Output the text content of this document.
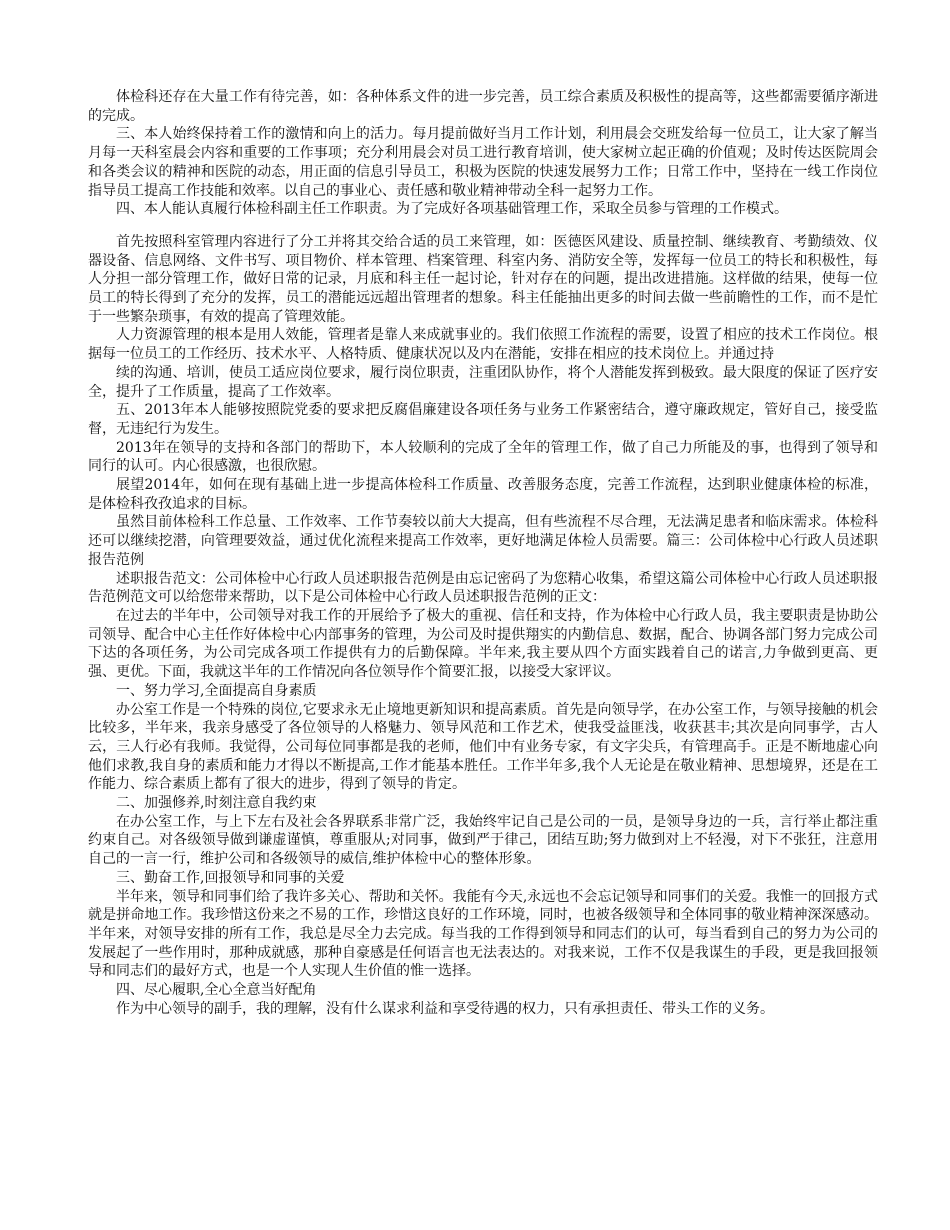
体检科还存在大量工作有待完善，如：各种体系文件的进一步完善，员工综合素质及积极性的提高等，这些都需要循序渐进的完成。

三、本人始终保持着工作的激情和向上的活力。每月提前做好当月工作计划，利用晨会交班发给每一位员工，让大家了解当月每一天科室晨会内容和重要的工作事项；充分利用晨会对员工进行教育培训，使大家树立起正确的价值观；及时传达医院周会和各类会议的精神和医院的动态，用正面的信息引导员工，积极为医院的快速发展努力工作；日常工作中，坚持在一线工作岗位指导员工提高工作技能和效率。以自己的事业心、责任感和敬业精神带动全科一起努力工作。

四、本人能认真履行体检科副主任工作职责。为了完成好各项基础管理工作，采取全员参与管理的工作模式。

首先按照科室管理内容进行了分工并将其交给合适的员工来管理，如：医德医风建设、质量控制、继续教育、考勤绩效、仪器设备、信息网络、文件书写、项目物价、样本管理、档案管理、科室内务、消防安全等，发挥每一位员工的特长和积极性，每人分担一部分管理工作，做好日常的记录，月底和科主任一起讨论，针对存在的问题，提出改进措施。这样做的结果，使每一位员工的特长得到了充分的发挥，员工的潜能远远超出管理者的想象。科主任能抽出更多的时间去做一些前瞻性的工作，而不是忙于一些繁杂琐事，有效的提高了管理效能。

人力资源管理的根本是用人效能，管理者是靠人来成就事业的。我们依照工作流程的需要，设置了相应的技术工作岗位。根据每一位员工的工作经历、技术水平、人格特质、健康状况以及内在潜能，安排在相应的技术岗位上。并通过持

续的沟通、培训，使员工适应岗位要求，履行岗位职责，注重团队协作，将个人潜能发挥到极致。最大限度的保证了医疗安全，提升了工作质量，提高了工作效率。

五、2013年本人能够按照院党委的要求把反腐倡廉建设各项任务与业务工作紧密结合，遵守廉政规定，管好自己，接受监督，无违纪行为发生。

2013年在领导的支持和各部门的帮助下，本人较顺利的完成了全年的管理工作，做了自己力所能及的事，也得到了领导和同行的认可。内心很感激，也很欣慰。

展望2014年，如何在现有基础上进一步提高体检科工作质量、改善服务态度，完善工作流程，达到职业健康体检的标准，是体检科孜孜追求的目标。

虽然目前体检科工作总量、工作效率、工作节奏较以前大大提高，但有些流程不尽合理，无法满足患者和临床需求。体检科还可以继续挖潜，向管理要效益，通过优化流程来提高工作效率，更好地满足体检人员需要。篇三：公司体检中心行政人员述职报告范例

述职报告范文：公司体检中心行政人员述职报告范例是由忘记密码了为您精心收集，希望这篇公司体检中心行政人员述职报告范例范文可以给您带来帮助，以下是公司体检中心行政人员述职报告范例的正文：

在过去的半年中，公司领导对我工作的开展给予了极大的重视、信任和支持，作为体检中心行政人员，我主要职责是协助公司领导、配合中心主任作好体检中心内部事务的管理，为公司及时提供翔实的内勤信息、数据，配合、协调各部门努力完成公司下达的各项任务，为公司完成各项工作提供有力的后勤保障。半年来,我主要从四个方面实践着自己的诺言,力争做到更高、更强、更优。下面，我就这半年的工作情况向各位领导作个简要汇报，以接受大家评议。

一、努力学习,全面提高自身素质

办公室工作是一个特殊的岗位,它要求永无止境地更新知识和提高素质。首先是向领导学，在办公室工作，与领导接触的机会比较多，半年来，我亲身感受了各位领导的人格魅力、领导风范和工作艺术，使我受益匪浅，收获甚丰;其次是向同事学，古人云，三人行必有我师。我觉得，公司每位同事都是我的老师，他们中有业务专家，有文字尖兵，有管理高手。正是不断地虚心向他们求教,我自身的素质和能力才得以不断提高,工作才能基本胜任。工作半年多,我个人无论是在敬业精神、思想境界，还是在工作能力、综合素质上都有了很大的进步，得到了领导的肯定。

二、加强修养,时刻注意自我约束

在办公室工作，与上下左右及社会各界联系非常广泛，我始终牢记自己是公司的一员，是领导身边的一兵，言行举止都注重约束自己。对各级领导做到谦虚谨慎，尊重服从;对同事，做到严于律己，团结互助;努力做到对上不轻漫，对下不张狂，注意用自己的一言一行，维护公司和各级领导的威信,维护体检中心的整体形象。

三、勤奋工作,回报领导和同事的关爱

半年来，领导和同事们给了我许多关心、帮助和关怀。我能有今天,永远也不会忘记领导和同事们的关爱。我惟一的回报方式就是拼命地工作。我珍惜这份来之不易的工作，珍惜这良好的工作环境，同时，也被各级领导和全体同事的敬业精神深深感动。半年来，对领导安排的所有工作，我总是尽全力去完成。每当我的工作得到领导和同志们的认可，每当看到自己的努力为公司的发展起了一些作用时，那种成就感，那种自豪感是任何语言也无法表达的。对我来说，工作不仅是我谋生的手段，更是我回报领导和同志们的最好方式，也是一个人实现人生价值的惟一选择。

四、尽心履职,全心全意当好配角

作为中心领导的副手，我的理解，没有什么谋求利益和享受待遇的权力，只有承担责任、带头工作的义务。
